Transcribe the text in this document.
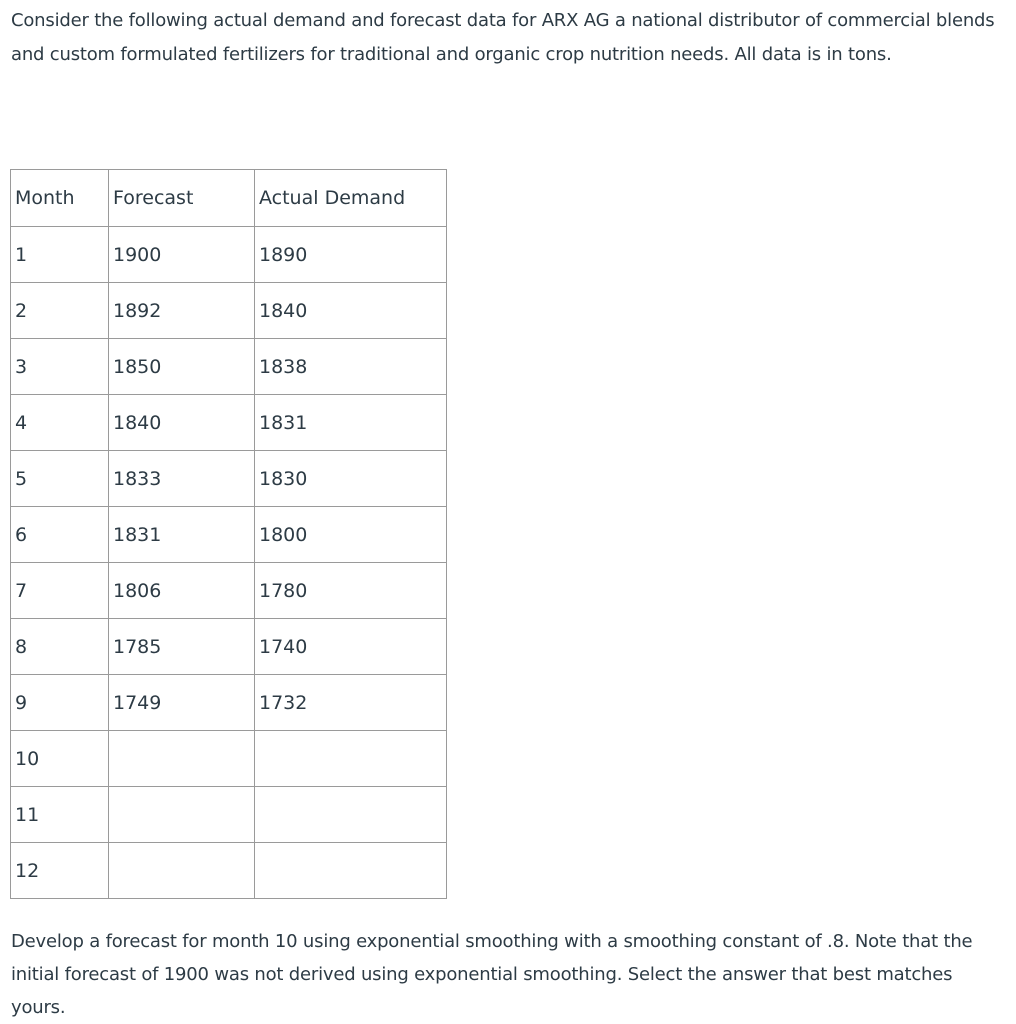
Consider the following actual demand and forecast data for ARX AG a national distributor of commercial blends and custom formulated fertilizers for traditional and organic crop nutrition needs. All data is in tons.

Month	Forecast	Actual Demand
1	1900	1890
2	1892	1840
3	1850	1838
4	1840	1831
5	1833	1830
6	1831	1800
7	1806	1780
8	1785	1740
9	1749	1732
10		
11		
12		

Develop a forecast for month 10 using exponential smoothing with a smoothing constant of .8. Note that the initial forecast of 1900 was not derived using exponential smoothing. Select the answer that best matches yours.
